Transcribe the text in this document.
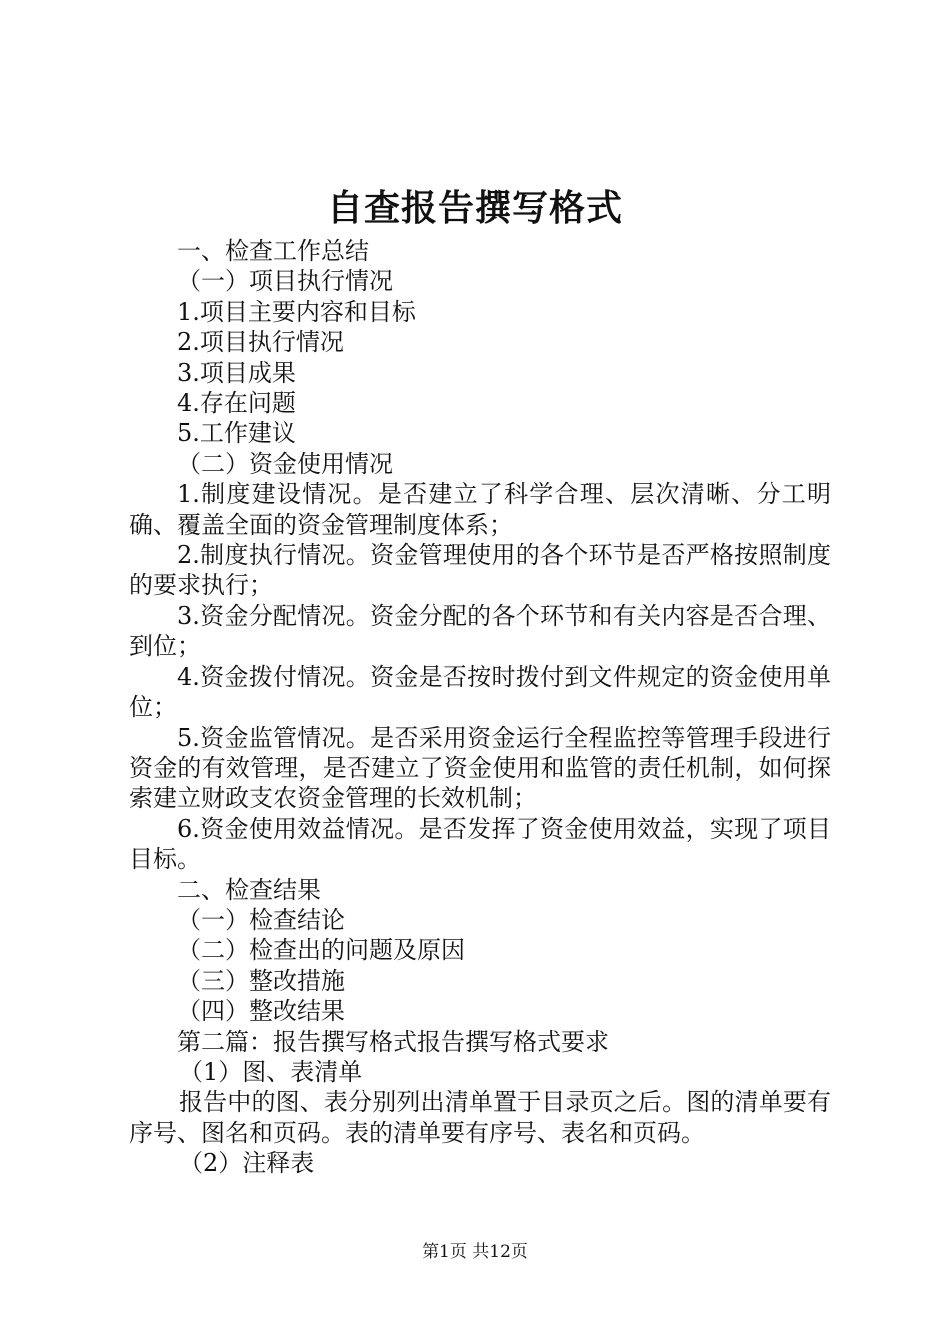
自查报告撰写格式

一、检查工作总结

（一）项目执行情况

1.项目主要内容和目标

2.项目执行情况

3.项目成果

4.存在问题

5.工作建议

（二）资金使用情况

1.制度建设情况。是否建立了科学合理、层次清晰、分工明确、覆盖全面的资金管理制度体系；

2.制度执行情况。资金管理使用的各个环节是否严格按照制度的要求执行；

3.资金分配情况。资金分配的各个环节和有关内容是否合理、到位；

4.资金拨付情况。资金是否按时拨付到文件规定的资金使用单位；

5.资金监管情况。是否采用资金运行全程监控等管理手段进行资金的有效管理，是否建立了资金使用和监管的责任机制，如何探索建立财政支农资金管理的长效机制；

6.资金使用效益情况。是否发挥了资金使用效益，实现了项目目标。

二、检查结果

（一）检查结论

（二）检查出的问题及原因

（三）整改措施

（四）整改结果

第二篇：报告撰写格式报告撰写格式要求

（1）图、表清单

报告中的图、表分别列出清单置于目录页之后。图的清单要有序号、图名和页码。表的清单要有序号、表名和页码。

（2）注释表

第1页 共12页
